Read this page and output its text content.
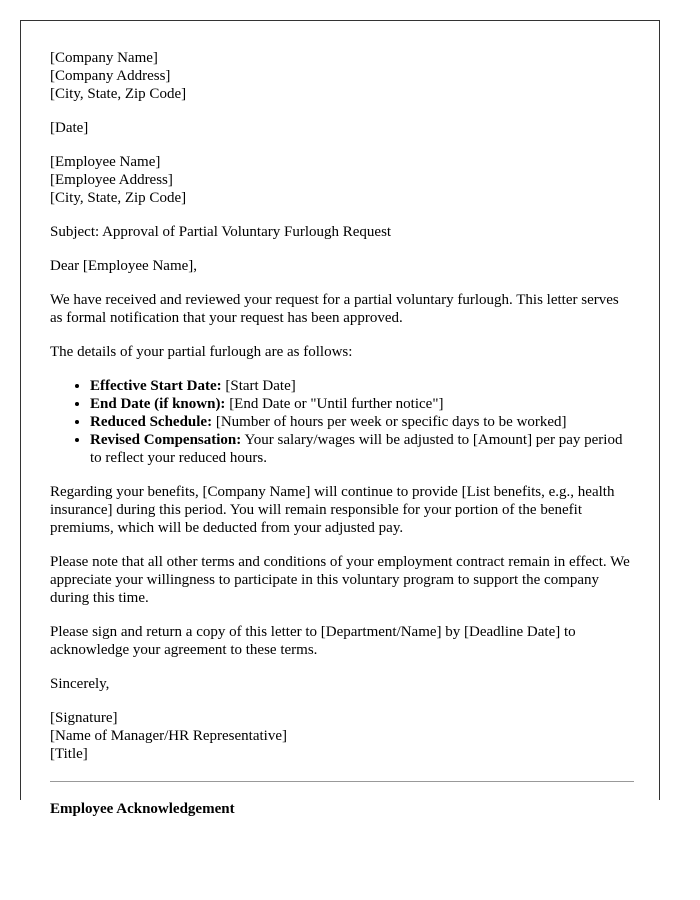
[Company Name]
[Company Address]
[City, State, Zip Code]

[Date]

[Employee Name]
[Employee Address]
[City, State, Zip Code]

Subject: Approval of Partial Voluntary Furlough Request

Dear [Employee Name],

We have received and reviewed your request for a partial voluntary furlough. This letter serves as formal notification that your request has been approved.

The details of your partial furlough are as follows:

• Effective Start Date: [Start Date]
• End Date (if known): [End Date or "Until further notice"]
• Reduced Schedule: [Number of hours per week or specific days to be worked]
• Revised Compensation: Your salary/wages will be adjusted to [Amount] per pay period to reflect your reduced hours.

Regarding your benefits, [Company Name] will continue to provide [List benefits, e.g., health insurance] during this period. You will remain responsible for your portion of the benefit premiums, which will be deducted from your adjusted pay.

Please note that all other terms and conditions of your employment contract remain in effect. We appreciate your willingness to participate in this voluntary program to support the company during this time.

Please sign and return a copy of this letter to [Department/Name] by [Deadline Date] to acknowledge your agreement to these terms.

Sincerely,

[Signature]
[Name of Manager/HR Representative]
[Title]

Employee Acknowledgement
